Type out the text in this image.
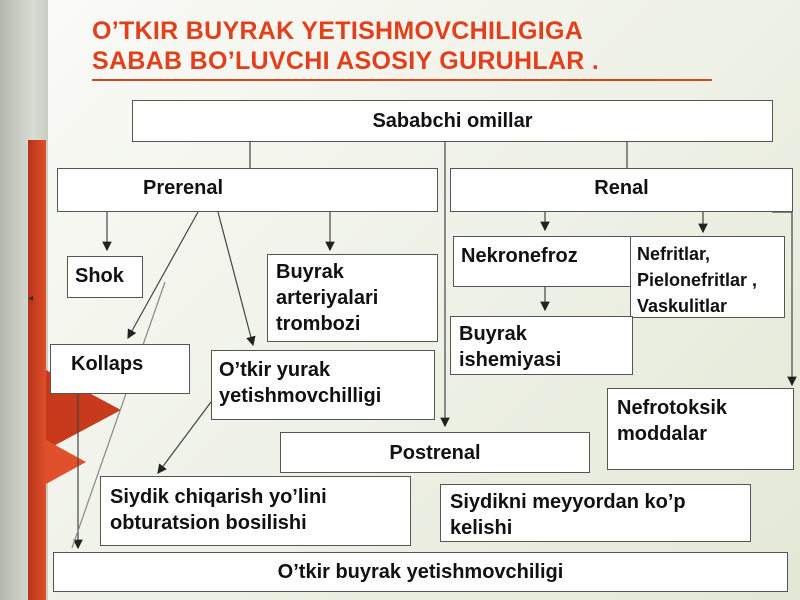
◂
O’TKIR BUYRAK YETISHMOVCHILIGIGA
SABAB BO’LUVCHI ASOSIY GURUHLAR .
Sababchi omillar
Prerenal	Renal
Shok	Buyrak arteriyalari trombozi
Kollaps	O’tkir yurak yetishmovchilligi
Nekronefroz	Nefritlar, Pielonefritlar , Vaskulitlar
Buyrak ishemiyasi
Nefrotoksik moddalar
Postrenal
Siydik chiqarish yo’lini obturatsion bosilishi
Siydikni meyyordan ko’p kelishi
O’tkir buyrak yetishmovchiligi
